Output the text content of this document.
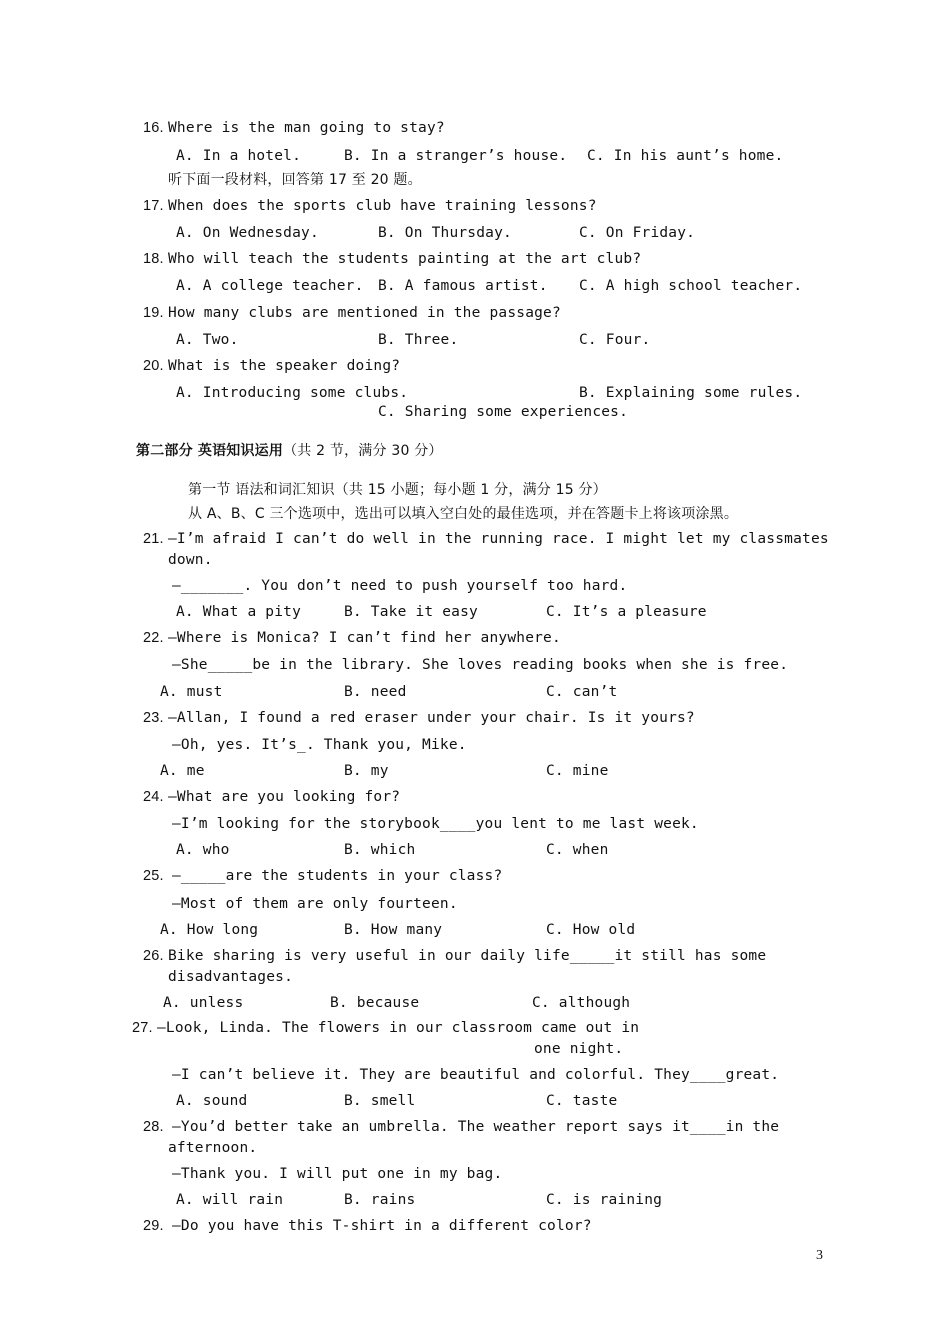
16. Where is the man going to stay?
A. In a hotel.	B. In a stranger’s house. C. In his aunt’s home.
听下面一段材料，回答第 17 至 20 题。
17. When does the sports club have training lessons?
A. On Wednesday.	B. On Thursday.	C. On Friday.
18. Who will teach the students painting at the art club?
A. A college teacher. B. A famous artist. C. A high school teacher.
19. How many clubs are mentioned in the passage?
A. Two.	B. Three.	C. Four.
20. What is the speaker doing?
A. Introducing some clubs.	B. Explaining some rules.
C. Sharing some experiences.
第二部分 英语知识运用（共 2 节，满分 30 分）
第一节 语法和词汇知识（共 15 小题；每小题 1 分，满分 15 分）
从 A、B、C 三个选项中，选出可以填入空白处的最佳选项，并在答题卡上将该项涂黑。
21. –I’m afraid I can’t do well in the running race. I might let my classmates
down.
–_______. You don’t need to push yourself too hard.
A. What a pity	B. Take it easy	C. It’s a pleasure
22. –Where is Monica? I can’t find her anywhere.
–She_____be in the library. She loves reading books when she is free.
A. must	B. need	C. can’t
23. –Allan, I found a red eraser under your chair. Is it yours?
–Oh, yes. It’s_. Thank you, Mike.
A. me	B. my	C. mine
24. –What are you looking for?
–I’m looking for the storybook____you lent to me last week.
A. who	B. which	C. when
25. –_____are the students in your class?
–Most of them are only fourteen.
A. How long	B. How many	C. How old
26. Bike sharing is very useful in our daily life_____it still has some
disadvantages.
A. unless	B. because	C. although
27. –Look, Linda. The flowers in our classroom came out in
one night.
–I can’t believe it. They are beautiful and colorful. They____great.
A. sound	B. smell	C. taste
28. –You’d better take an umbrella. The weather report says it____in the
afternoon.
–Thank you. I will put one in my bag.
A. will rain	B. rains	C. is raining
29. –Do you have this T-shirt in a different color?
3
